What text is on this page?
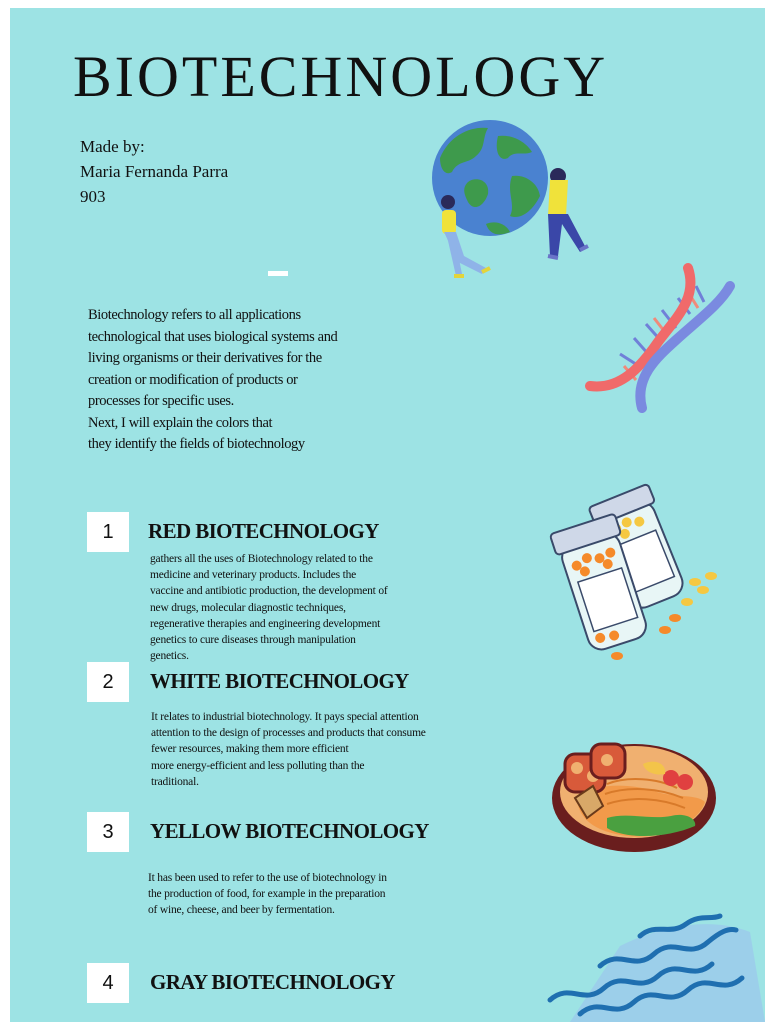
BIOTECHNOLOGY
Made by:
Maria Fernanda Parra
903
Biotechnology refers to all applications
technological that uses biological systems and
living organisms or their derivatives for the
creation or modification of products or
processes for specific uses.
Next, I will explain the colors that
they identify the fields of biotechnology
1	RED BIOTECHNOLOGY
gathers all the uses of Biotechnology related to the
medicine and veterinary products. Includes the
vaccine and antibiotic production, the development of
new drugs, molecular diagnostic techniques,
regenerative therapies and engineering development
genetics to cure diseases through manipulation
genetics.
2	WHITE BIOTECHNOLOGY
It relates to industrial biotechnology. It pays special attention
attention to the design of processes and products that consume
fewer resources, making them more efficient
more energy-efficient and less polluting than the
traditional.
3	YELLOW BIOTECHNOLOGY
It has been used to refer to the use of biotechnology in
the production of food, for example in the preparation
of wine, cheese, and beer by fermentation.
4	GRAY BIOTECHNOLOGY
